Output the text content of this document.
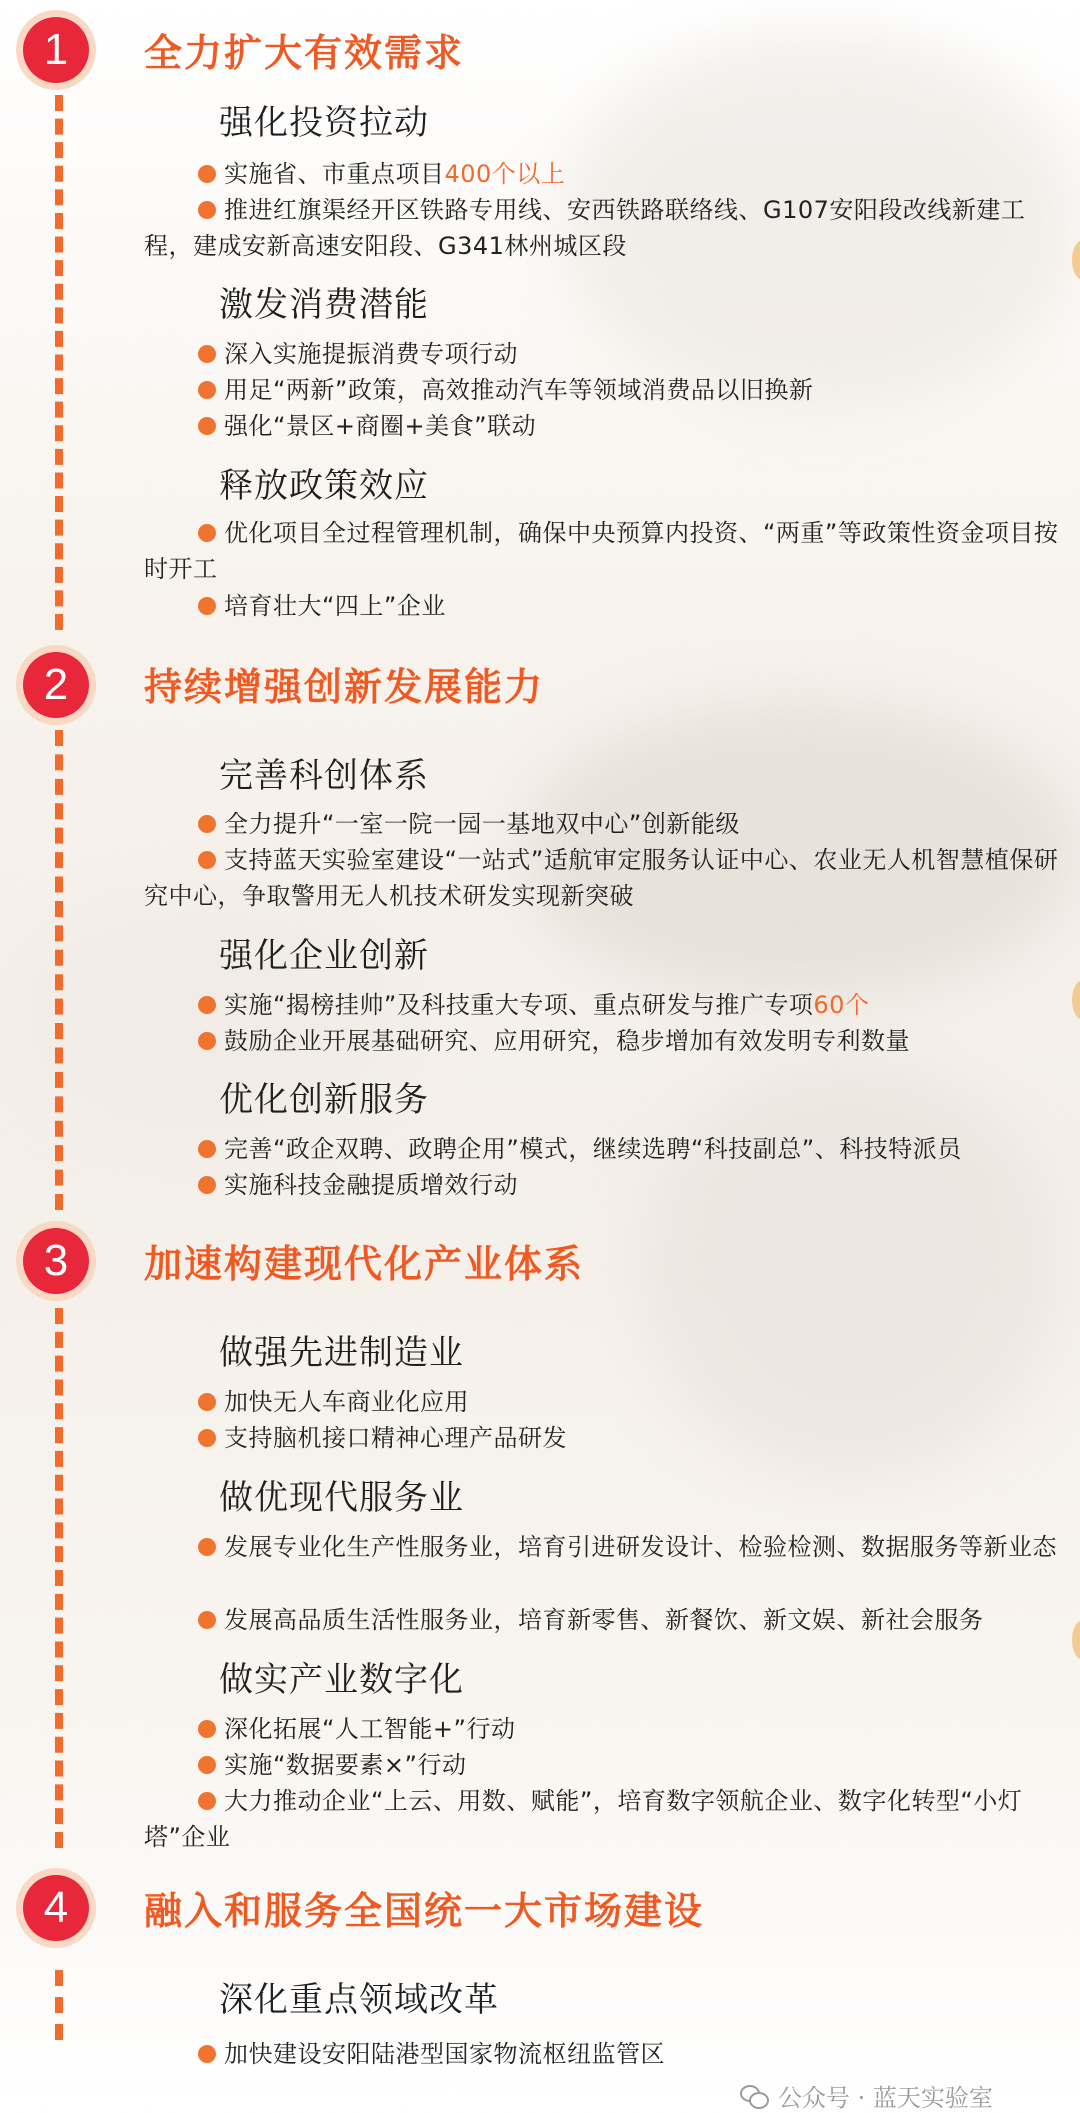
1	全力扩大有效需求
强化投资拉动
实施省、市重点项目400个以上
推进红旗渠经开区铁路专用线、安西铁路联络线、G107安阳段改线新建工程，建成安新高速安阳段、G341林州城区段
激发消费潜能
深入实施提振消费专项行动
用足“两新”政策，高效推动汽车等领域消费品以旧换新
强化“景区+商圈+美食”联动
释放政策效应
优化项目全过程管理机制，确保中央预算内投资、“两重”等政策性资金项目按时开工
培育壮大“四上”企业
2	持续增强创新发展能力
完善科创体系
全力提升“一室一院一园一基地双中心”创新能级
支持蓝天实验室建设“一站式”适航审定服务认证中心、农业无人机智慧植保研究中心，争取警用无人机技术研发实现新突破
强化企业创新
实施“揭榜挂帅”及科技重大专项、重点研发与推广专项60个
鼓励企业开展基础研究、应用研究，稳步增加有效发明专利数量
优化创新服务
完善“政企双聘、政聘企用”模式，继续选聘“科技副总”、科技特派员
实施科技金融提质增效行动
3	加速构建现代化产业体系
做强先进制造业
加快无人车商业化应用
支持脑机接口精神心理产品研发
做优现代服务业
发展专业化生产性服务业，培育引进研发设计、检验检测、数据服务等新业态
发展高品质生活性服务业，培育新零售、新餐饮、新文娱、新社会服务
做实产业数字化
深化拓展“人工智能+”行动
实施“数据要素×”行动
大力推动企业“上云、用数、赋能”，培育数字领航企业、数字化转型“小灯塔”企业
4	融入和服务全国统一大市场建设
深化重点领域改革
加快建设安阳陆港型国家物流枢纽监管区
公众号 · 蓝天实验室
